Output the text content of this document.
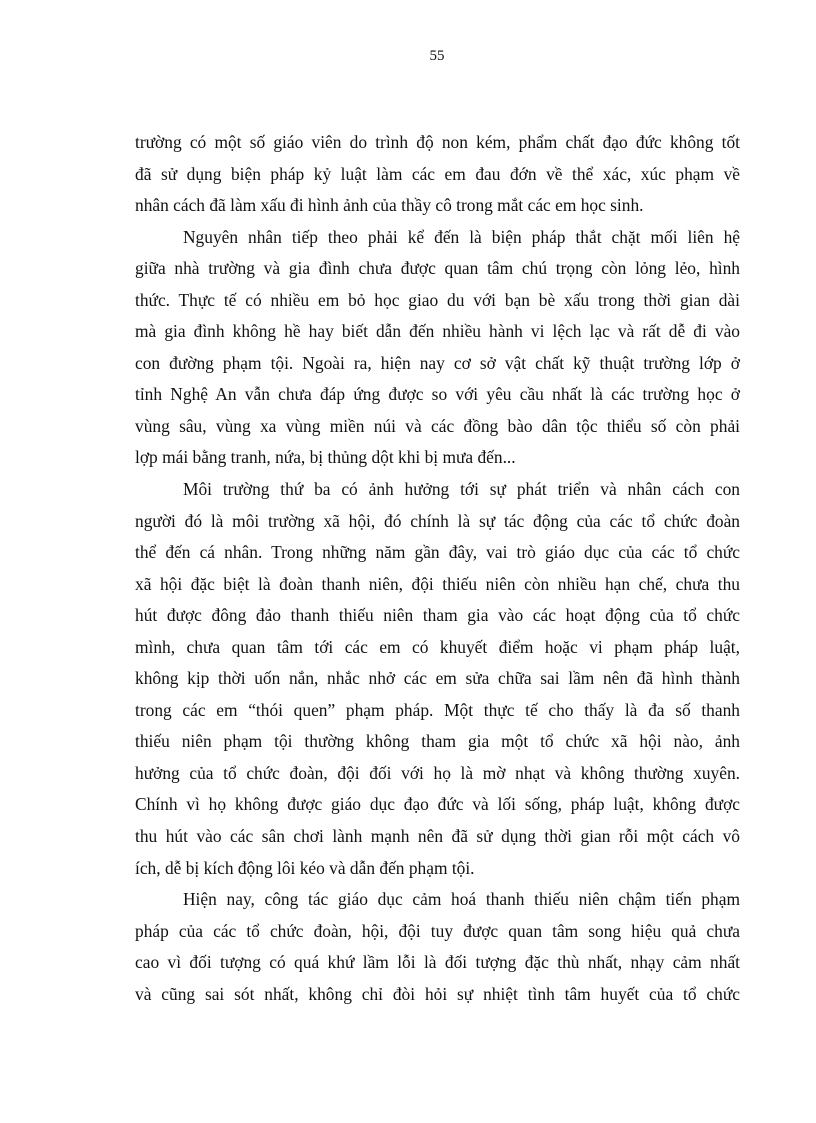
55
trường có một số giáo viên do trình độ non kém, phẩm chất đạo đức không tốt
đã sử dụng biện pháp kỷ luật làm các em đau đớn về thể xác, xúc phạm về
nhân cách đã làm xấu đi hình ảnh của thầy cô trong mắt các em học sinh.
Nguyên nhân tiếp theo phải kể đến là biện pháp thắt chặt mối liên hệ
giữa nhà trường và gia đình chưa được quan tâm chú trọng còn lỏng lẻo, hình
thức. Thực tế có nhiều em bỏ học giao du với bạn bè xấu trong thời gian dài
mà gia đình không hề hay biết dẫn đến nhiều hành vi lệch lạc và rất dễ đi vào
con đường phạm tội. Ngoài ra, hiện nay cơ sở vật chất kỹ thuật trường lớp ở
tỉnh Nghệ An vẫn chưa đáp ứng được so với yêu cầu nhất là các trường học ở
vùng sâu, vùng xa vùng miền núi và các đồng bào dân tộc thiểu số còn phải
lợp mái bằng tranh, nứa, bị thủng dột khi bị mưa đến...
Môi trường thứ ba có ảnh hưởng tới sự phát triển và nhân cách con
người đó là môi trường xã hội, đó chính là sự tác động của các tổ chức đoàn
thể đến cá nhân. Trong những năm gần đây, vai trò giáo dục của các tổ chức
xã hội đặc biệt là đoàn thanh niên, đội thiếu niên còn nhiều hạn chế, chưa thu
hút được đông đảo thanh thiếu niên tham gia vào các hoạt động của tổ chức
mình, chưa quan tâm tới các em có khuyết điểm hoặc vi phạm pháp luật,
không kịp thời uốn nắn, nhắc nhở các em sửa chữa sai lầm nên đã hình thành
trong các em “thói quen” phạm pháp. Một thực tế cho thấy là đa số thanh
thiếu niên phạm tội thường không tham gia một tổ chức xã hội nào, ảnh
hưởng của tổ chức đoàn, đội đối với họ là mờ nhạt và không thường xuyên.
Chính vì họ không được giáo dục đạo đức và lối sống, pháp luật, không được
thu hút vào các sân chơi lành mạnh nên đã sử dụng thời gian rỗi một cách vô
ích, dễ bị kích động lôi kéo và dẫn đến phạm tội.
Hiện nay, công tác giáo dục cảm hoá thanh thiếu niên chậm tiến phạm
pháp của các tổ chức đoàn, hội, đội tuy được quan tâm song hiệu quả chưa
cao vì đối tượng có quá khứ lầm lỗi là đối tượng đặc thù nhất, nhạy cảm nhất
và cũng sai sót nhất, không chỉ đòi hỏi sự nhiệt tình tâm huyết của tổ chức
